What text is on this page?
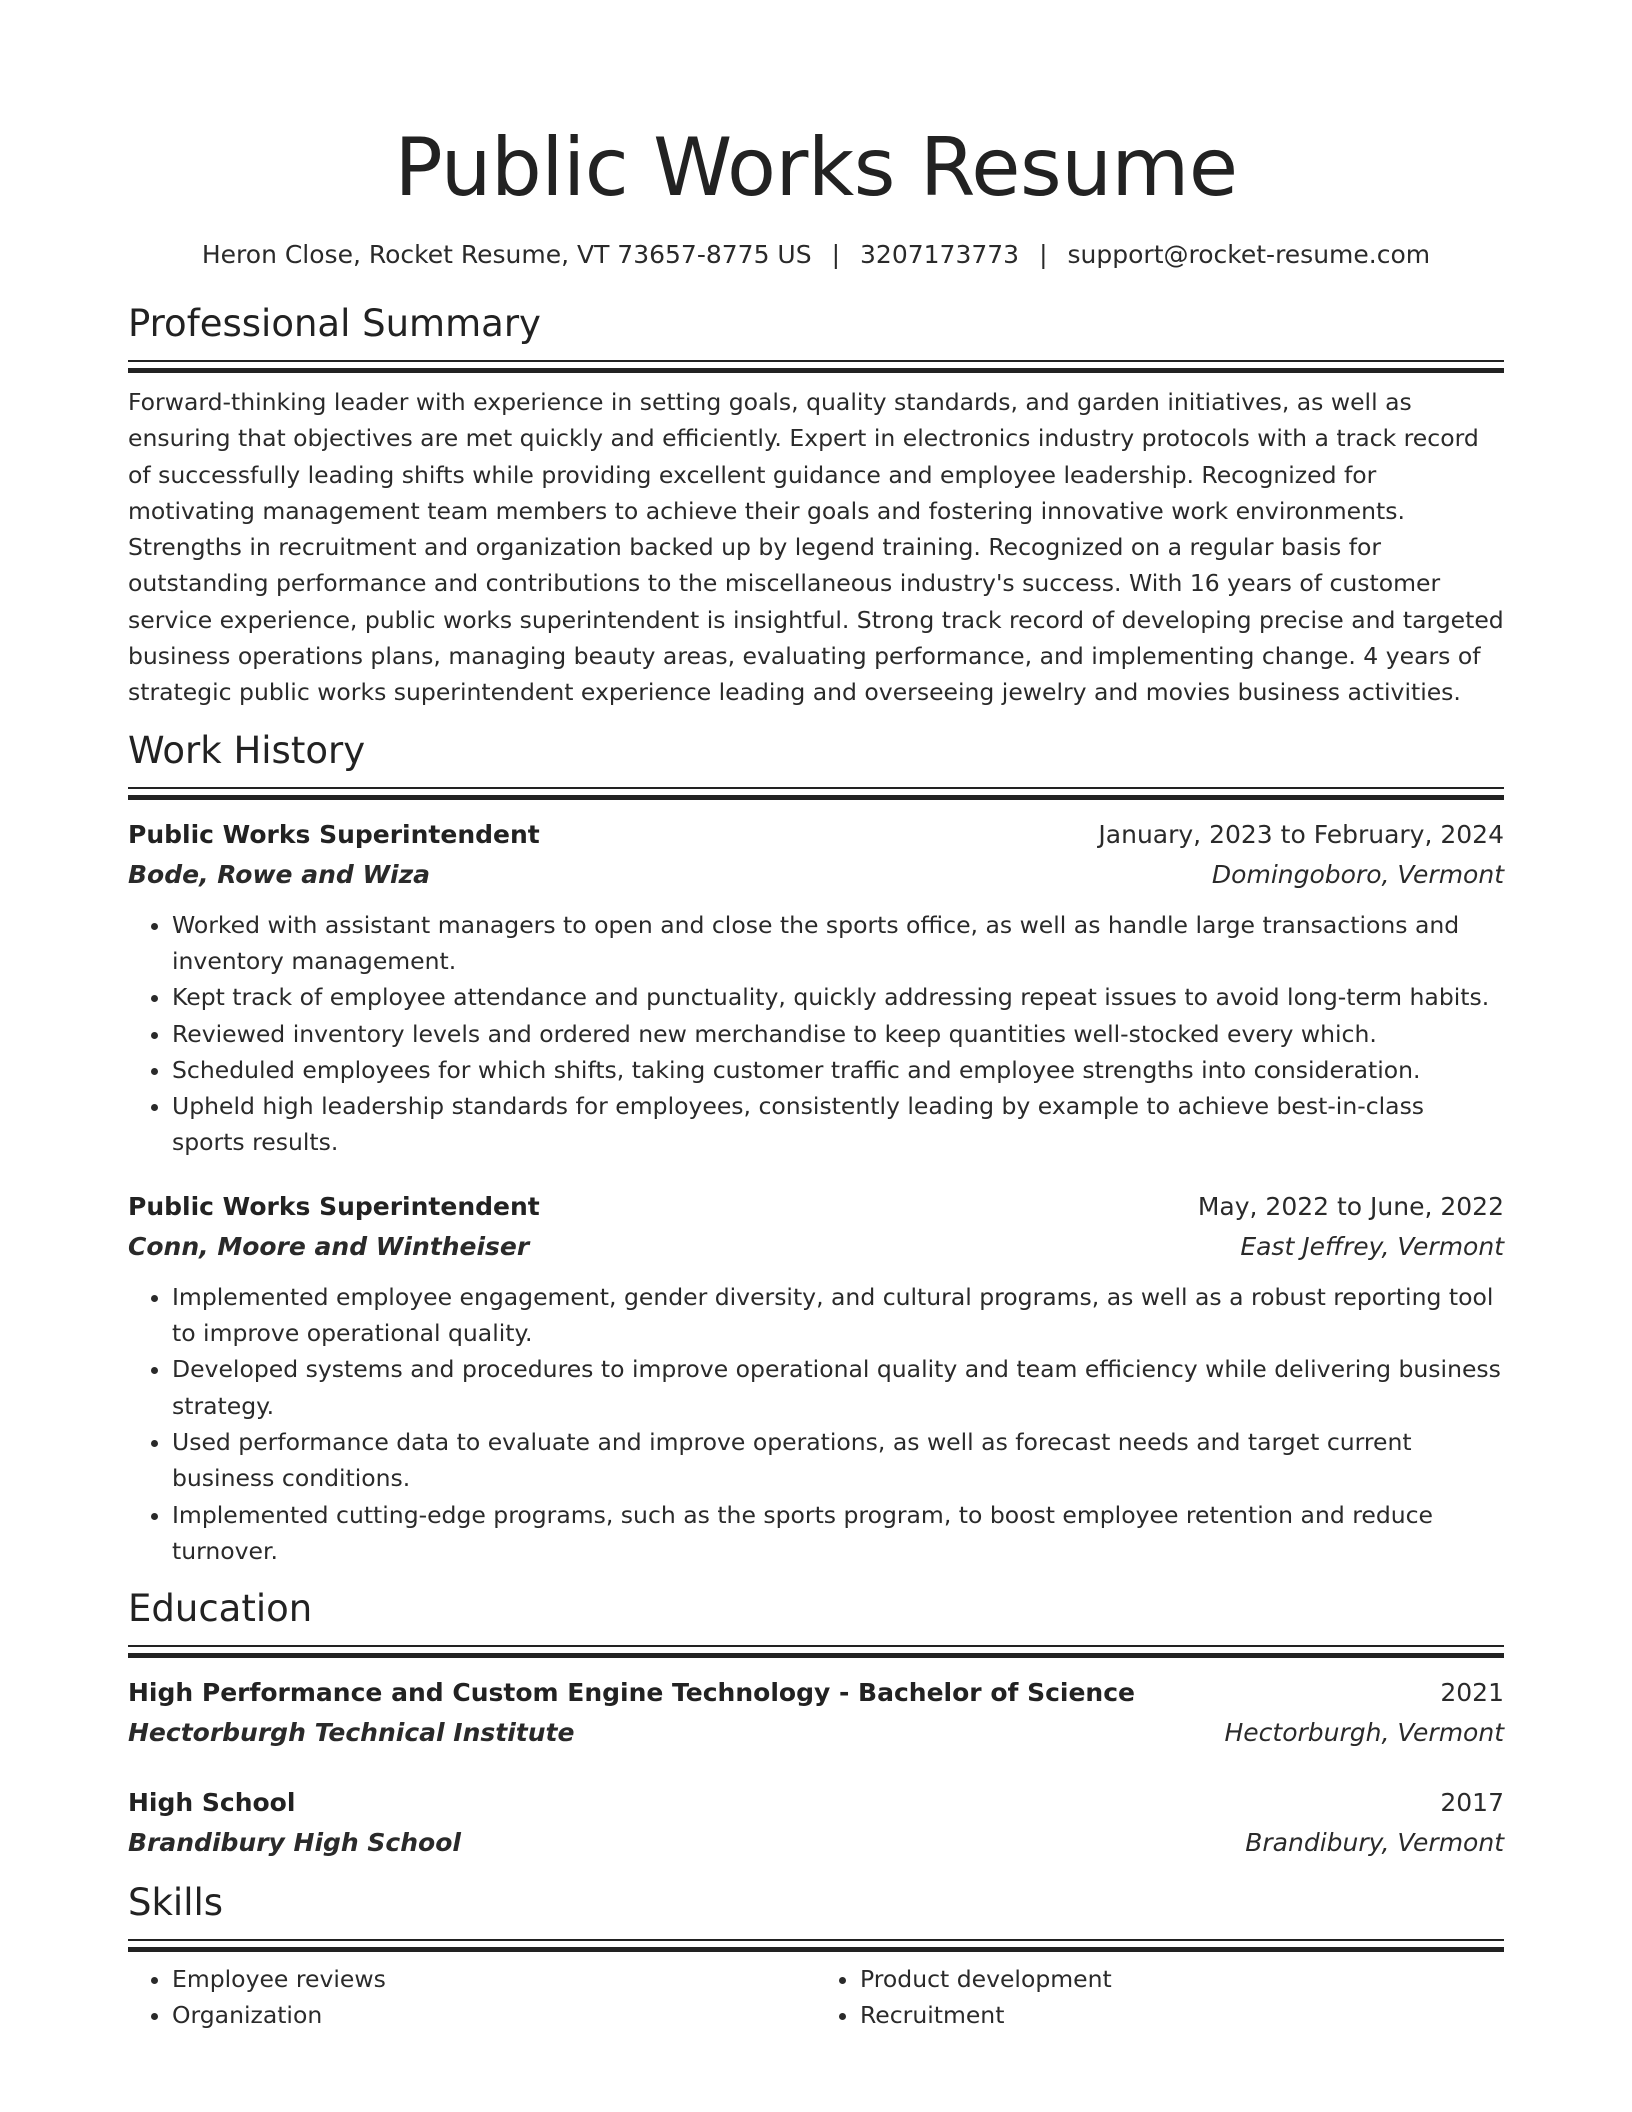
Public Works Resume
Heron Close, Rocket Resume, VT 73657-8775 US | 3207173773 | support@rocket-resume.com
Professional Summary
Forward-thinking leader with experience in setting goals, quality standards, and garden initiatives, as well as ensuring that objectives are met quickly and efficiently. Expert in electronics industry protocols with a track record of successfully leading shifts while providing excellent guidance and employee leadership. Recognized for motivating management team members to achieve their goals and fostering innovative work environments. Strengths in recruitment and organization backed up by legend training. Recognized on a regular basis for outstanding performance and contributions to the miscellaneous industry's success. With 16 years of customer service experience, public works superintendent is insightful. Strong track record of developing precise and targeted business operations plans, managing beauty areas, evaluating performance, and implementing change. 4 years of strategic public works superintendent experience leading and overseeing jewelry and movies business activities.
Work History
Public Works Superintendent	January, 2023 to February, 2024
Bode, Rowe and Wiza	Domingoboro, Vermont
• Worked with assistant managers to open and close the sports office, as well as handle large transactions and inventory management.
• Kept track of employee attendance and punctuality, quickly addressing repeat issues to avoid long-term habits.
• Reviewed inventory levels and ordered new merchandise to keep quantities well-stocked every which.
• Scheduled employees for which shifts, taking customer traffic and employee strengths into consideration.
• Upheld high leadership standards for employees, consistently leading by example to achieve best-in-class sports results.
Public Works Superintendent	May, 2022 to June, 2022
Conn, Moore and Wintheiser	East Jeffrey, Vermont
• Implemented employee engagement, gender diversity, and cultural programs, as well as a robust reporting tool to improve operational quality.
• Developed systems and procedures to improve operational quality and team efficiency while delivering business strategy.
• Used performance data to evaluate and improve operations, as well as forecast needs and target current business conditions.
• Implemented cutting-edge programs, such as the sports program, to boost employee retention and reduce turnover.
Education
High Performance and Custom Engine Technology - Bachelor of Science	2021
Hectorburgh Technical Institute	Hectorburgh, Vermont
High School	2017
Brandibury High School	Brandibury, Vermont
Skills
• Employee reviews
• Organization
• Product development
• Recruitment
